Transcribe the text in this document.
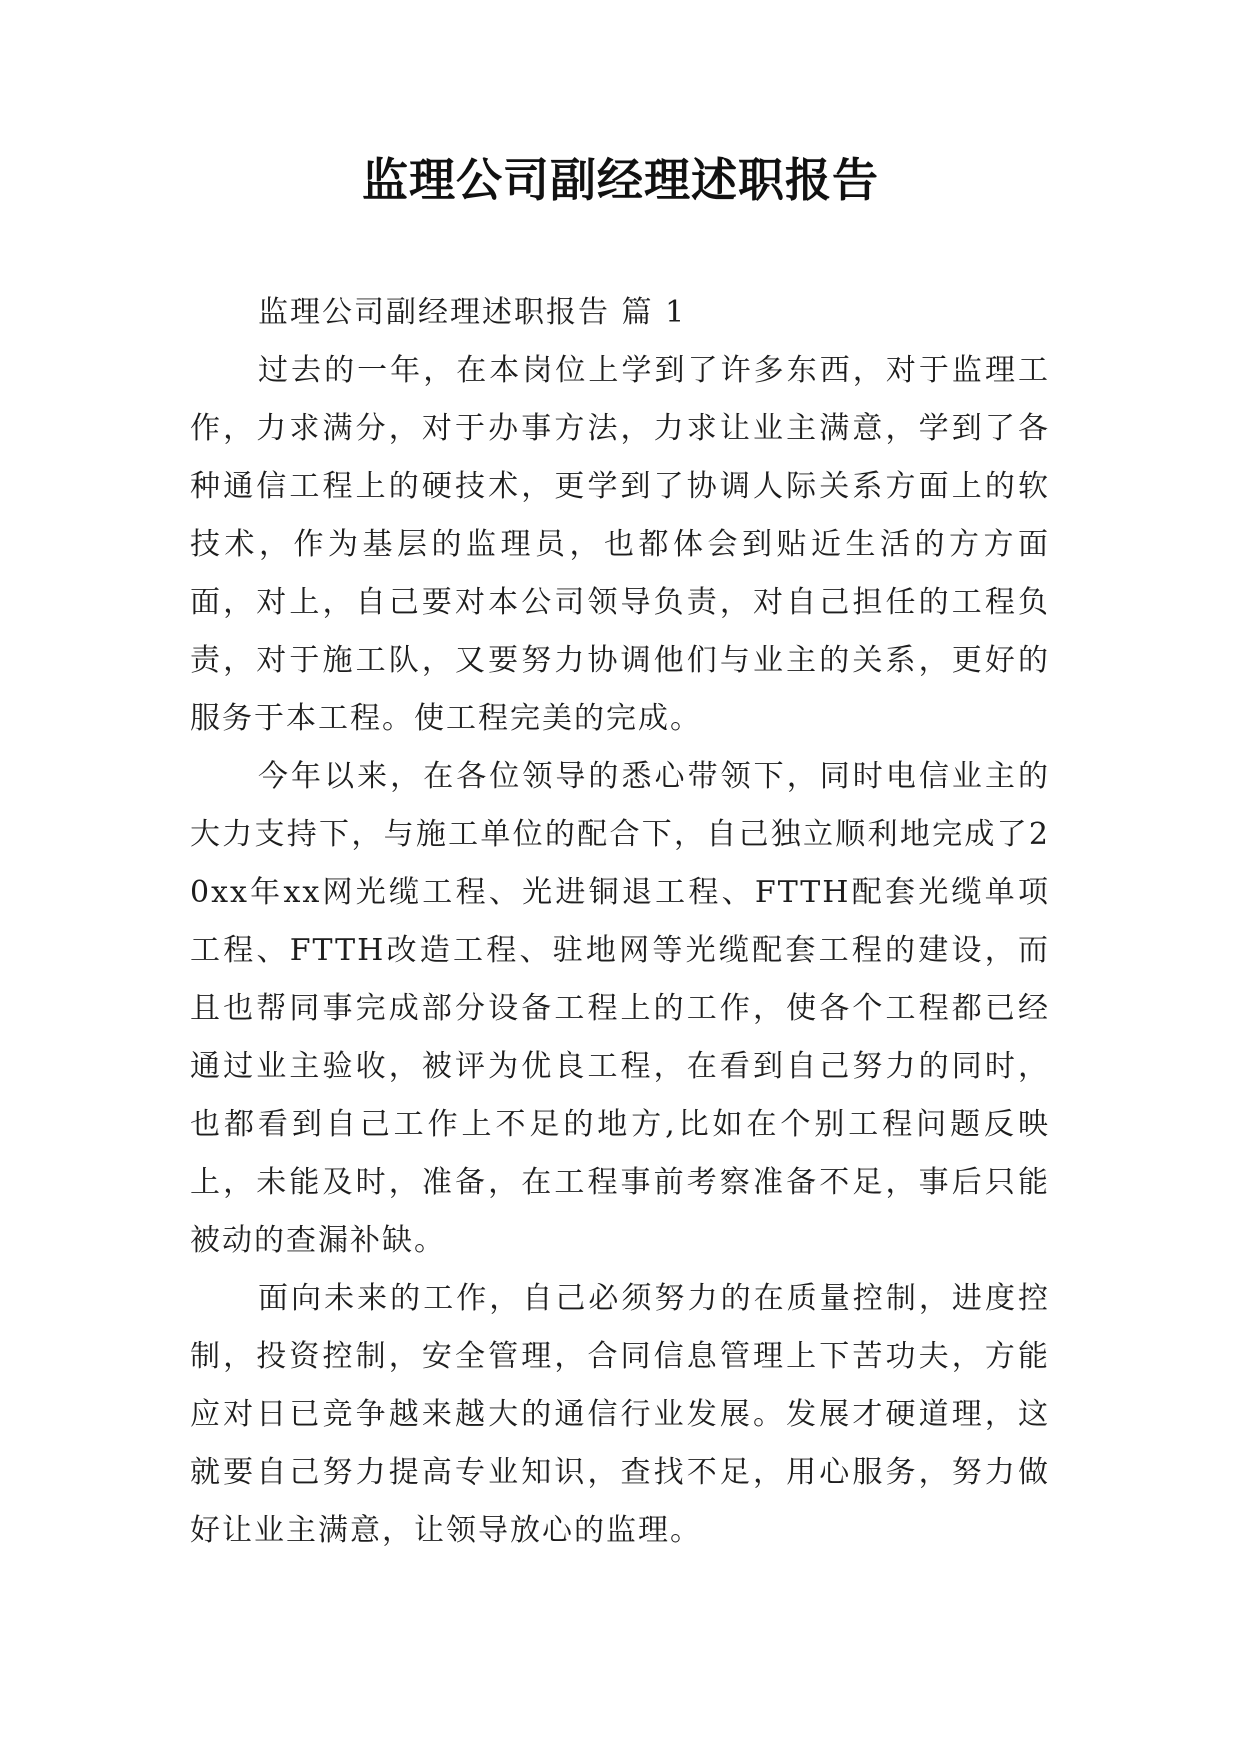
监理公司副经理述职报告

监理公司副经理述职报告 篇 1

过去的一年，在本岗位上学到了许多东西，对于监理工作，力求满分，对于办事方法，力求让业主满意，学到了各种通信工程上的硬技术，更学到了协调人际关系方面上的软技术，作为基层的监理员，也都体会到贴近生活的方方面面，对上，自己要对本公司领导负责，对自己担任的工程负责，对于施工队，又要努力协调他们与业主的关系，更好的服务于本工程。使工程完美的完成。

今年以来，在各位领导的悉心带领下，同时电信业主的大力支持下，与施工单位的配合下，自己独立顺利地完成了20xx年xx网光缆工程、光进铜退工程、FTTH配套光缆单项工程、FTTH改造工程、驻地网等光缆配套工程的建设，而且也帮同事完成部分设备工程上的工作，使各个工程都已经通过业主验收，被评为优良工程，在看到自己努力的同时，也都看到自己工作上不足的地方,比如在个别工程问题反映上，未能及时，准备，在工程事前考察准备不足，事后只能被动的查漏补缺。

面向未来的工作，自己必须努力的在质量控制，进度控制，投资控制，安全管理，合同信息管理上下苦功夫，方能应对日已竞争越来越大的通信行业发展。发展才硬道理，这就要自己努力提高专业知识，查找不足，用心服务，努力做好让业主满意，让领导放心的监理。
